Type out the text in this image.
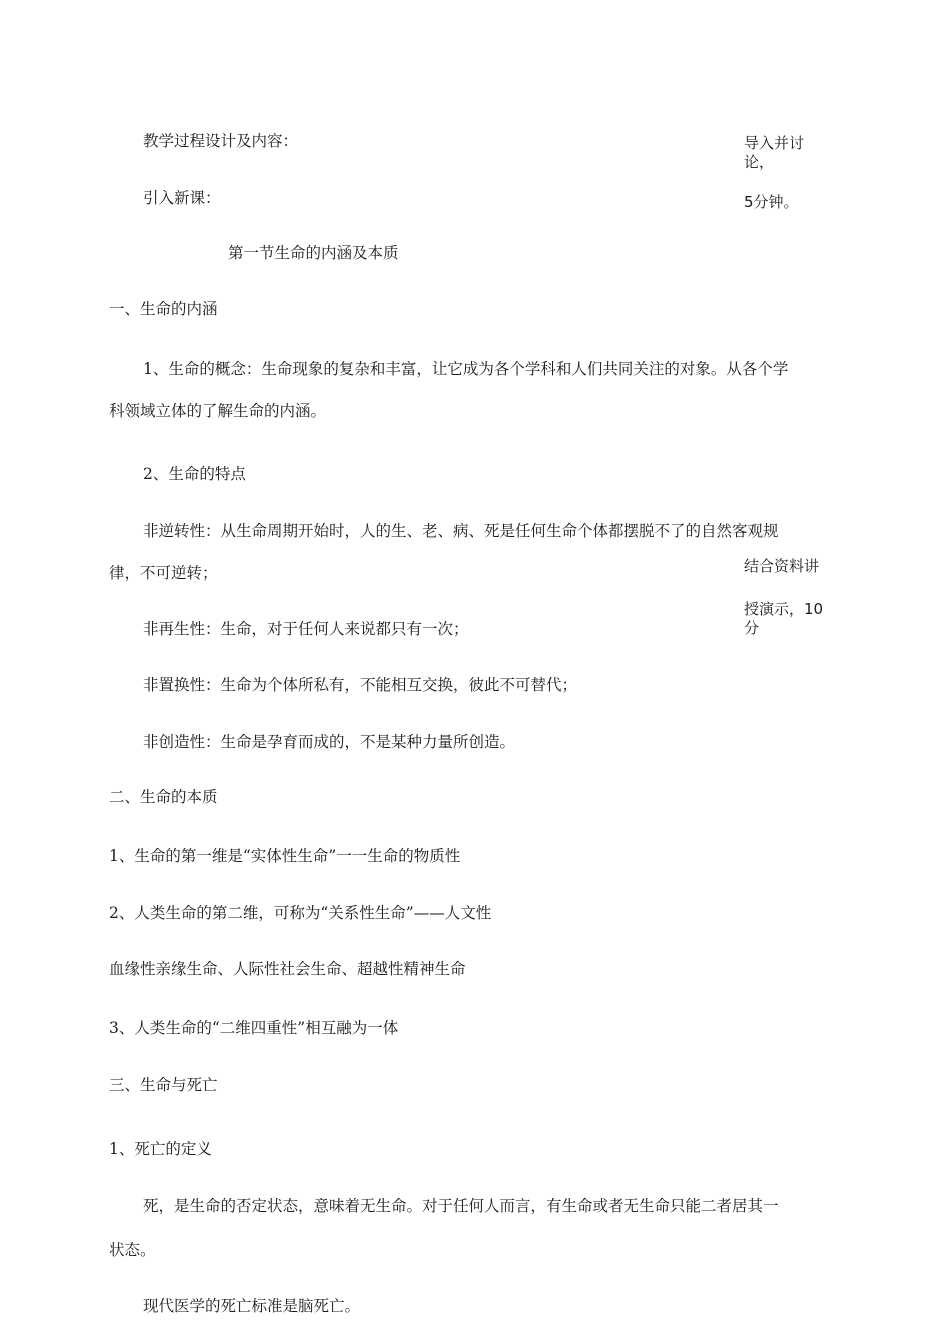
教学过程设计及内容：
引入新课：
第一节生命的内涵及本质
一、生命的内涵
1、生命的概念：生命现象的复杂和丰富，让它成为各个学科和人们共同关注的对象。从各个学
科领域立体的了解生命的内涵。
2、生命的特点
非逆转性：从生命周期开始时，人的生、老、病、死是任何生命个体都摆脱不了的自然客观规
律，不可逆转；
非再生性：生命，对于任何人来说都只有一次；
非置换性：生命为个体所私有，不能相互交换，彼此不可替代；
非创造性：生命是孕育而成的，不是某种力量所创造。
二、生命的本质
1、生命的第一维是“实体性生命”一一生命的物质性
2、人类生命的第二维，可称为“关系性生命”——人文性
血缘性亲缘生命、人际性社会生命、超越性精神生命
3、人类生命的“二维四重性”相互融为一体
三、生命与死亡
1、死亡的定义
死，是生命的否定状态，意味着无生命。对于任何人而言，有生命或者无生命只能二者居其一
状态。
现代医学的死亡标准是脑死亡。
导入并讨
论，
5分钟。
结合资料讲
授演示，10
分
